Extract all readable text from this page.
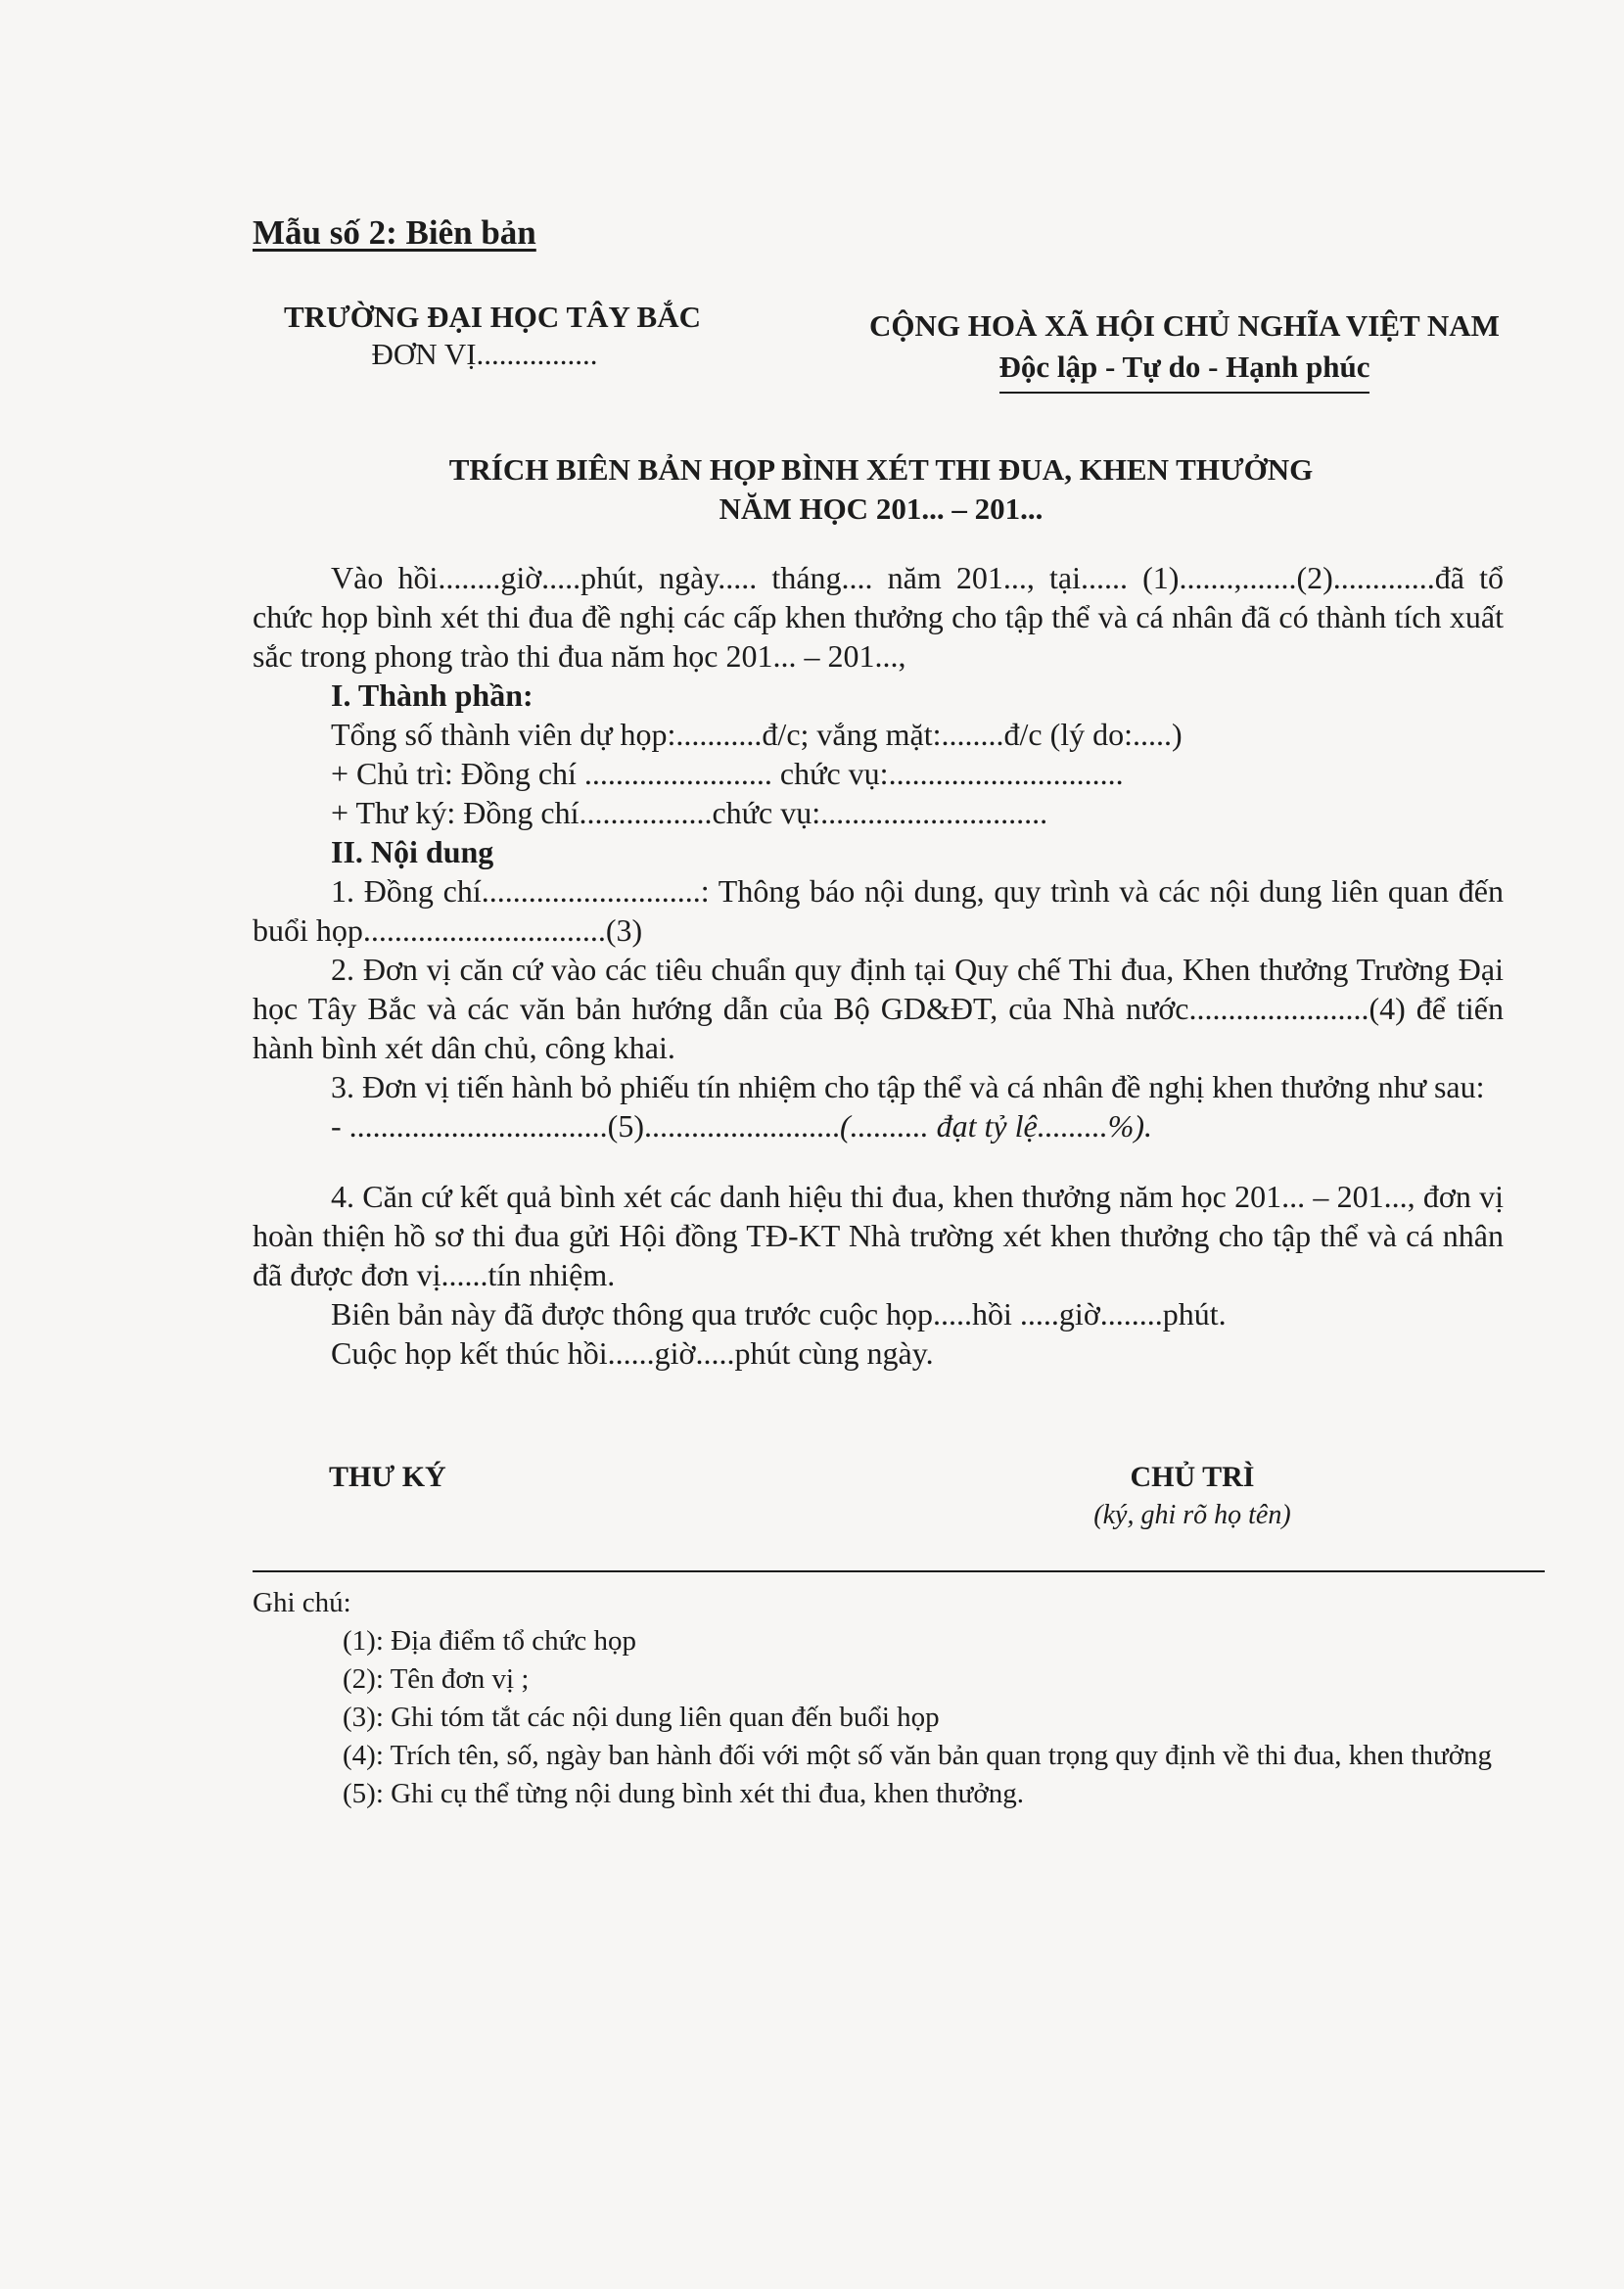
Mẫu số 2: Biên bản
TRƯỜNG ĐẠI HỌC TÂY BẮC
ĐƠN VỊ................
CỘNG HOÀ XÃ HỘI CHỦ NGHĨA VIỆT NAM
Độc lập - Tự do - Hạnh phúc
TRÍCH BIÊN BẢN HỌP BÌNH XÉT THI ĐUA, KHEN THƯỞNG
NĂM HỌC 201... – 201...

Vào hồi........giờ.....phút, ngày..... tháng.... năm 201..., tại...... (1).......,.......(2).............đã tổ chức họp bình xét thi đua đề nghị các cấp khen thưởng cho tập thể và cá nhân đã có thành tích xuất sắc trong phong trào thi đua năm học 201... – 201...,

I. Thành phần:

Tổng số thành viên dự họp:...........đ/c; vắng mặt:........đ/c (lý do:.....)

+ Chủ trì: Đồng chí ........................ chức vụ:..............................

+ Thư ký: Đồng chí.................chức vụ:.............................

II. Nội dung

1. Đồng chí............................: Thông báo nội dung, quy trình và các nội dung liên quan đến buổi họp...............................(3)

2. Đơn vị căn cứ vào các tiêu chuẩn quy định tại Quy chế Thi đua, Khen thưởng Trường Đại học Tây Bắc và các văn bản hướng dẫn của Bộ GD&ĐT, của Nhà nước.......................(4) để tiến hành bình xét dân chủ, công khai.

3. Đơn vị tiến hành bỏ phiếu tín nhiệm cho tập thể và cá nhân đề nghị khen thưởng như sau:

- .................................(5).........................(.......... đạt tỷ lệ.........%).

4. Căn cứ kết quả bình xét các danh hiệu thi đua, khen thưởng năm học 201... – 201..., đơn vị hoàn thiện hồ sơ thi đua gửi Hội đồng TĐ-KT Nhà trường xét khen thưởng cho tập thể và cá nhân đã được đơn vị......tín nhiệm.

Biên bản này đã được thông qua trước cuộc họp.....hồi .....giờ........phút.

Cuộc họp kết thúc hồi......giờ.....phút cùng ngày.

THƯ KÝ	CHỦ TRÌ
(ký, ghi rõ họ tên)

Ghi chú:

(1): Địa điểm tổ chức họp

(2): Tên đơn vị ;

(3): Ghi tóm tắt các nội dung liên quan đến buổi họp

(4): Trích tên, số, ngày ban hành đối với một số văn bản quan trọng quy định về thi đua, khen thưởng

(5): Ghi cụ thể từng nội dung bình xét thi đua, khen thưởng.
